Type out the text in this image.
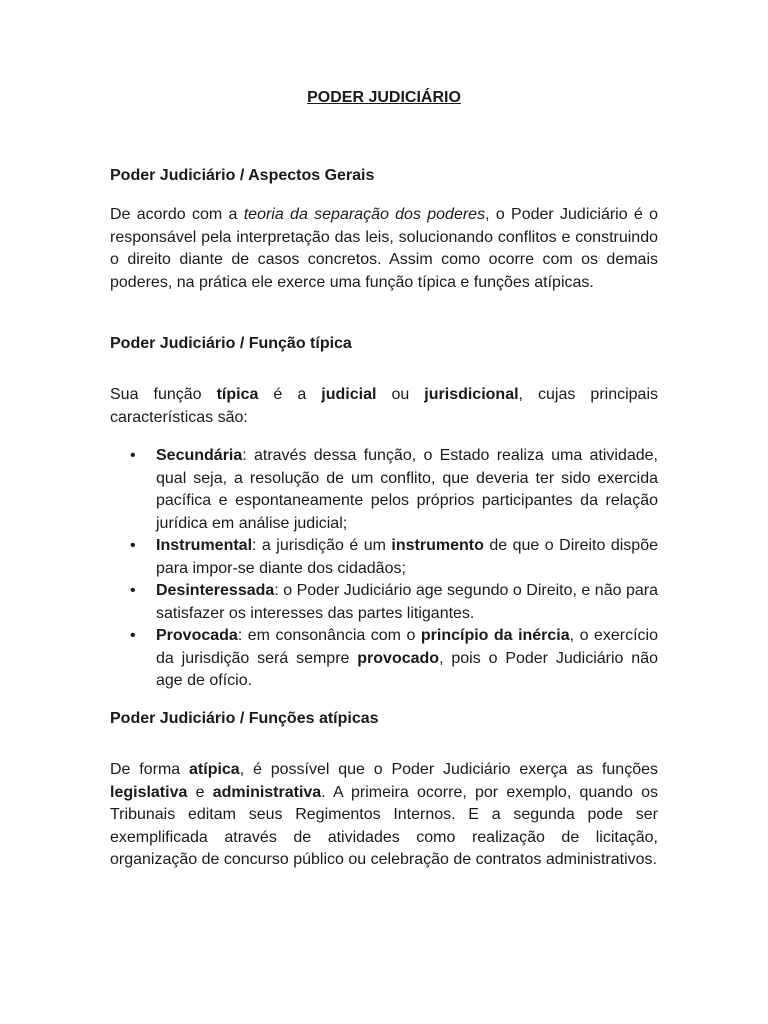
PODER JUDICIÁRIO
Poder Judiciário / Aspectos Gerais

De acordo com a teoria da separação dos poderes, o Poder Judiciário é o responsável pela interpretação das leis, solucionando conflitos e construindo o direito diante de casos concretos. Assim como ocorre com os demais poderes, na prática ele exerce uma função típica e funções atípicas.

Poder Judiciário / Função típica

Sua função típica é a judicial ou jurisdicional, cujas principais características são:

• Secundária: através dessa função, o Estado realiza uma atividade, qual seja, a resolução de um conflito, que deveria ter sido exercida pacífica e espontaneamente pelos próprios participantes da relação jurídica em análise judicial;
• Instrumental: a jurisdição é um instrumento de que o Direito dispõe para impor-se diante dos cidadãos;
• Desinteressada: o Poder Judiciário age segundo o Direito, e não para satisfazer os interesses das partes litigantes.
• Provocada: em consonância com o princípio da inércia, o exercício da jurisdição será sempre provocado, pois o Poder Judiciário não age de ofício.
Poder Judiciário / Funções atípicas

De forma atípica, é possível que o Poder Judiciário exerça as funções legislativa e administrativa. A primeira ocorre, por exemplo, quando os Tribunais editam seus Regimentos Internos. E a segunda pode ser exemplificada através de atividades como realização de licitação, organização de concurso público ou celebração de contratos administrativos.
